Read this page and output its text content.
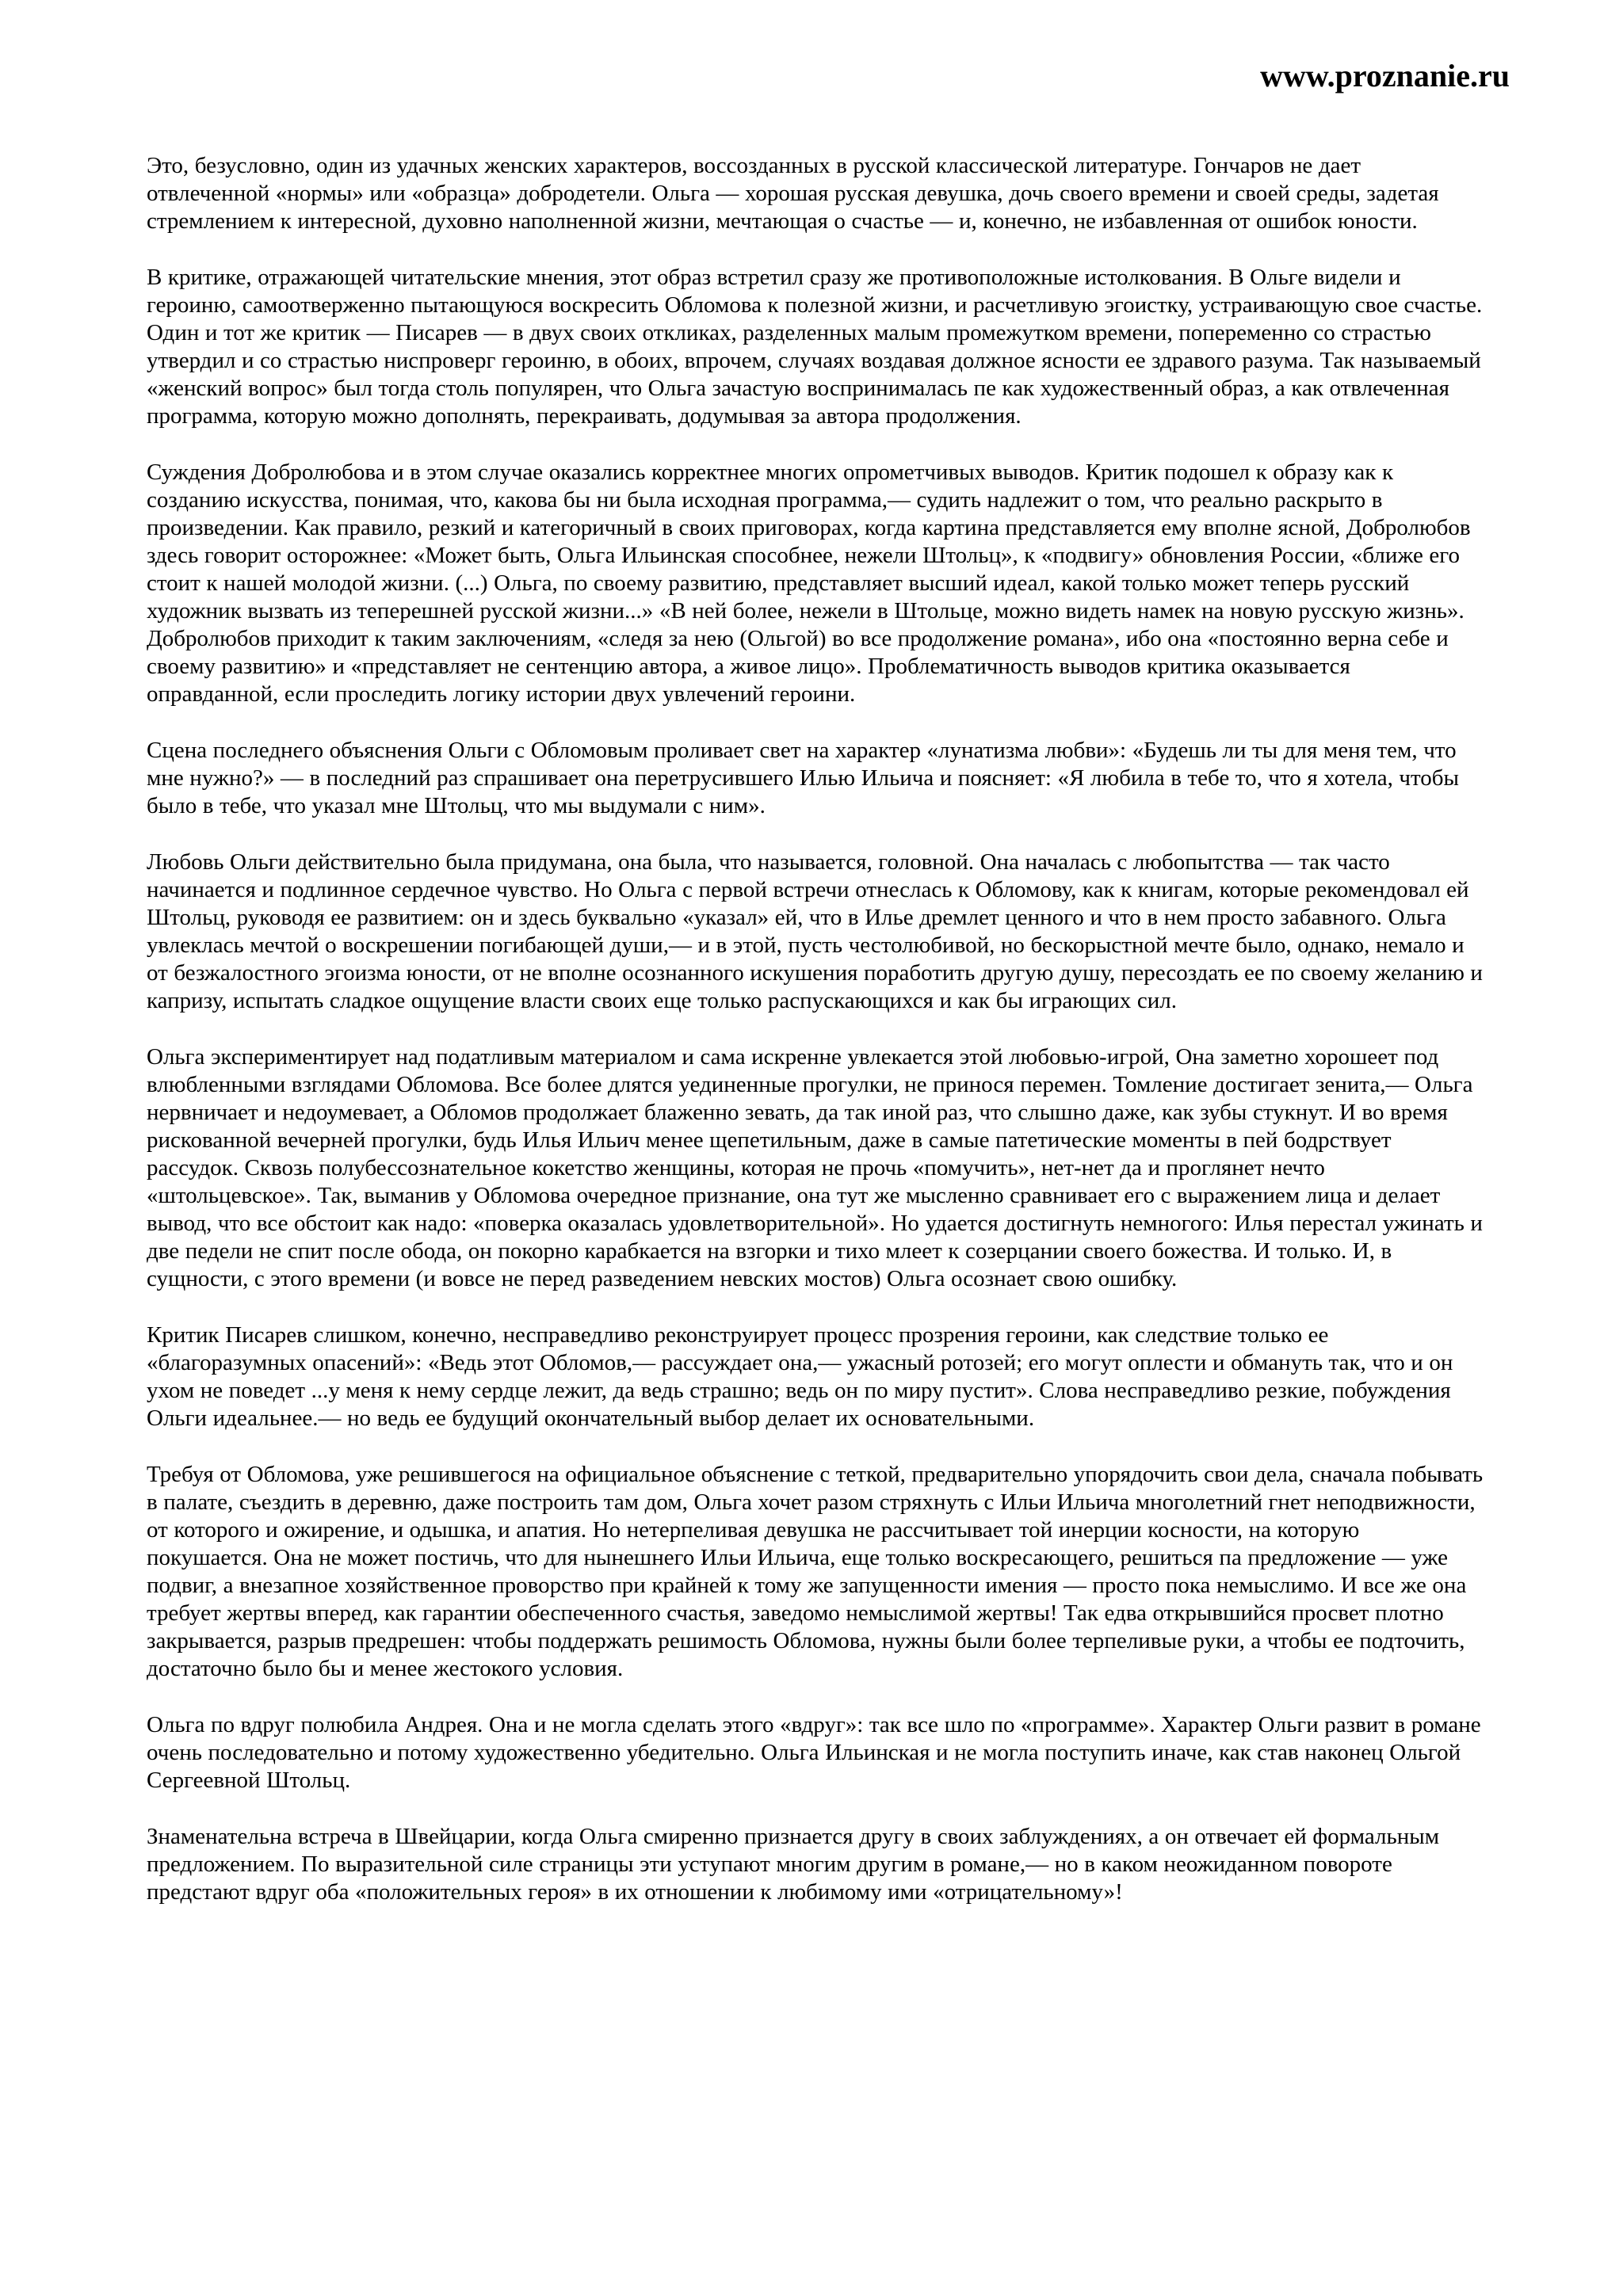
www.proznanie.ru

Это, безусловно, один из удачных женских характеров, воссозданных в русской классической литературе. Гончаров не дает отвлеченной «нормы» или «образца» добродетели. Ольга — хорошая русская девушка, дочь своего времени и своей среды, задетая стремлением к интересной, духовно наполненной жизни, мечтающая о счастье — и, конечно, не избавленная от ошибок юности.

В критике, отражающей читательские мнения, этот образ встретил сразу же противоположные истолкования. В Ольге видели и героиню, самоотверженно пытающуюся воскресить Обломова к полезной жизни, и расчетливую эгоистку, устраивающую свое счастье. Один и тот же критик — Писарев — в двух своих откликах, разделенных малым промежутком времени, попеременно со страстью утвердил и со страстью ниспроверг героиню, в обоих, впрочем, случаях воздавая должное ясности ее здравого разума. Так называемый «женский вопрос» был тогда столь популярен, что Ольга зачастую воспринималась пе как художественный образ, а как отвлеченная программа, которую можно дополнять, перекраивать, додумывая за автора продолжения.

Суждения Добролюбова и в этом случае оказались корректнее многих опрометчивых выводов. Критик подошел к образу как к созданию искусства, понимая, что, какова бы ни была исходная программа,— судить надлежит о том, что реально раскрыто в произведении. Как правило, резкий и категоричный в своих приговорах, когда картина представляется ему вполне ясной, Добролюбов здесь говорит осторожнее: «Может быть, Ольга Ильинская способнее, нежели Штольц», к «подвигу» обновления России, «ближе его стоит к нашей молодой жизни. (...) Ольга, по своему развитию, представляет высший идеал, какой только может теперь русский художник вызвать из теперешней русской жизни...» «В ней более, нежели в Штольце, можно видеть намек на новую русскую жизнь». Добролюбов приходит к таким заключениям, «следя за нею (Ольгой) во все продолжение романа», ибо она «постоянно верна себе и своему развитию» и «представляет не сентенцию автора, а живое лицо». Проблематичность выводов критика оказывается оправданной, если проследить логику истории двух увлечений героини.

Сцена последнего объяснения Ольги с Обломовым проливает свет на характер «лунатизма любви»: «Будешь ли ты для меня тем, что мне нужно?» — в последний раз спрашивает она перетрусившего Илью Ильича и поясняет: «Я любила в тебе то, что я хотела, чтобы было в тебе, что указал мне Штольц, что мы выдумали с ним».

Любовь Ольги действительно была придумана, она была, что называется, головной. Она началась с любопытства — так часто начинается и подлинное сердечное чувство. Но Ольга с первой встречи отнеслась к Обломову, как к книгам, которые рекомендовал ей Штольц, руководя ее развитием: он и здесь буквально «указал» ей, что в Илье дремлет ценного и что в нем просто забавного. Ольга увлеклась мечтой о воскрешении погибающей души,— и в этой, пусть честолюбивой, но бескорыстной мечте было, однако, немало и от безжалостного эгоизма юности, от не вполне осознанного искушения поработить другую душу, пересоздать ее по своему желанию и капризу, испытать сладкое ощущение власти своих еще только распускающихся и как бы играющих сил.

Ольга экспериментирует над податливым материалом и сама искренне увлекается этой любовью-игрой, Она заметно хорошеет под влюбленными взглядами Обломова. Все более длятся уединенные прогулки, не принося перемен. Томление достигает зенита,— Ольга нервничает и недоумевает, а Обломов продолжает блаженно зевать, да так иной раз, что слышно даже, как зубы стукнут. И во время рискованной вечерней прогулки, будь Илья Ильич менее щепетильным, даже в самые патетические моменты в пей бодрствует рассудок. Сквозь полубессознательное кокетство женщины, которая не прочь «помучить», нет-нет да и проглянет нечто «штольцевское». Так, выманив у Обломова очередное признание, она тут же мысленно сравнивает его с выражением лица и делает вывод, что все обстоит как надо: «поверка оказалась удовлетворительной». Но удается достигнуть немногого: Илья перестал ужинать и две педели не спит после обода, он покорно карабкается на взгорки и тихо млеет к созерцании своего божества. И только. И, в сущности, с этого времени (и вовсе не перед разведением невских мостов) Ольга осознает свою ошибку.

Критик Писарев слишком, конечно, несправедливо реконструирует процесс прозрения героини, как следствие только ее «благоразумных опасений»: «Ведь этот Обломов,— рассуждает она,— ужасный ротозей; его могут оплести и обмануть так, что и он ухом не поведет ...у меня к нему сердце лежит, да ведь страшно; ведь он по миру пустит». Слова несправедливо резкие, побуждения Ольги идеальнее.— но ведь ее будущий окончательный выбор делает их основательными.

Требуя от Обломова, уже решившегося на официальное объяснение с теткой, предварительно упорядочить свои дела, сначала побывать в палате, съездить в деревню, даже построить там дом, Ольга хочет разом стряхнуть с Ильи Ильича многолетний гнет неподвижности, от которого и ожирение, и одышка, и апатия. Но нетерпеливая девушка не рассчитывает той инерции косности, на которую покушается. Она не может постичь, что для нынешнего Ильи Ильича, еще только воскресающего, решиться па предложение — уже подвиг, а внезапное хозяйственное проворство при крайней к тому же запущенности имения — просто пока немыслимо. И все же она требует жертвы вперед, как гарантии обеспеченного счастья, заведомо немыслимой жертвы! Так едва открывшийся просвет плотно закрывается, разрыв предрешен: чтобы поддержать решимость Обломова, нужны были более терпеливые руки, а чтобы ее подточить, достаточно было бы и менее жестокого условия.

Ольга по вдруг полюбила Андрея. Она и не могла сделать этого «вдруг»: так все шло по «программе». Характер Ольги развит в романе очень последовательно и потому художественно убедительно. Ольга Ильинская и не могла поступить иначе, как став наконец Ольгой Сергеевной Штольц.

Знаменательна встреча в Швейцарии, когда Ольга смиренно признается другу в своих заблуждениях, а он отвечает ей формальным предложением. По выразительной силе страницы эти уступают многим другим в романе,— но в каком неожиданном повороте предстают вдруг оба «положительных героя» в их отношении к любимому ими «отрицательному»!
